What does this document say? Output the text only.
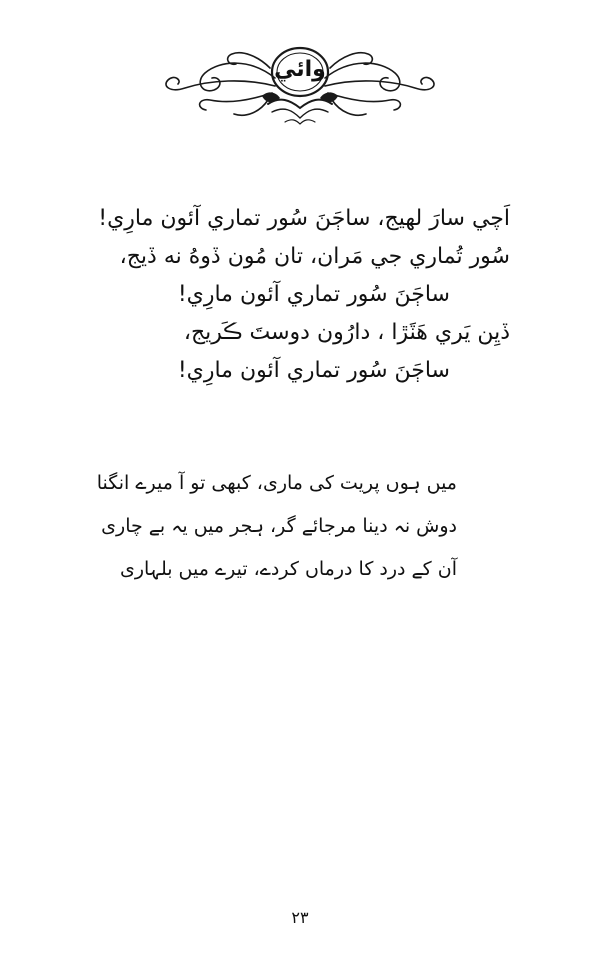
وائي
اَچي سارَ لهيج، ساڄَنَ سُور تماري آئون مارِي!
سُور تُماري جي مَران، تان مُون ڏوهُ نه ڏيج،
ساڄَنَ سُور تماري آئون مارِي!
ڏيِن يَري هَٽَڙا ، دارُون دوستَ ڪَريج،
ساڄَنَ سُور تماري آئون مارِي!
میں ہوں پریت کی ماری، کبھی تو آ میرے انگنا
دوش نہ دینا مرجائے گر، ہجر میں یہ بے چاری
آن کے درد کا درماں کردے، تیرے میں بلہاری
۲۳
